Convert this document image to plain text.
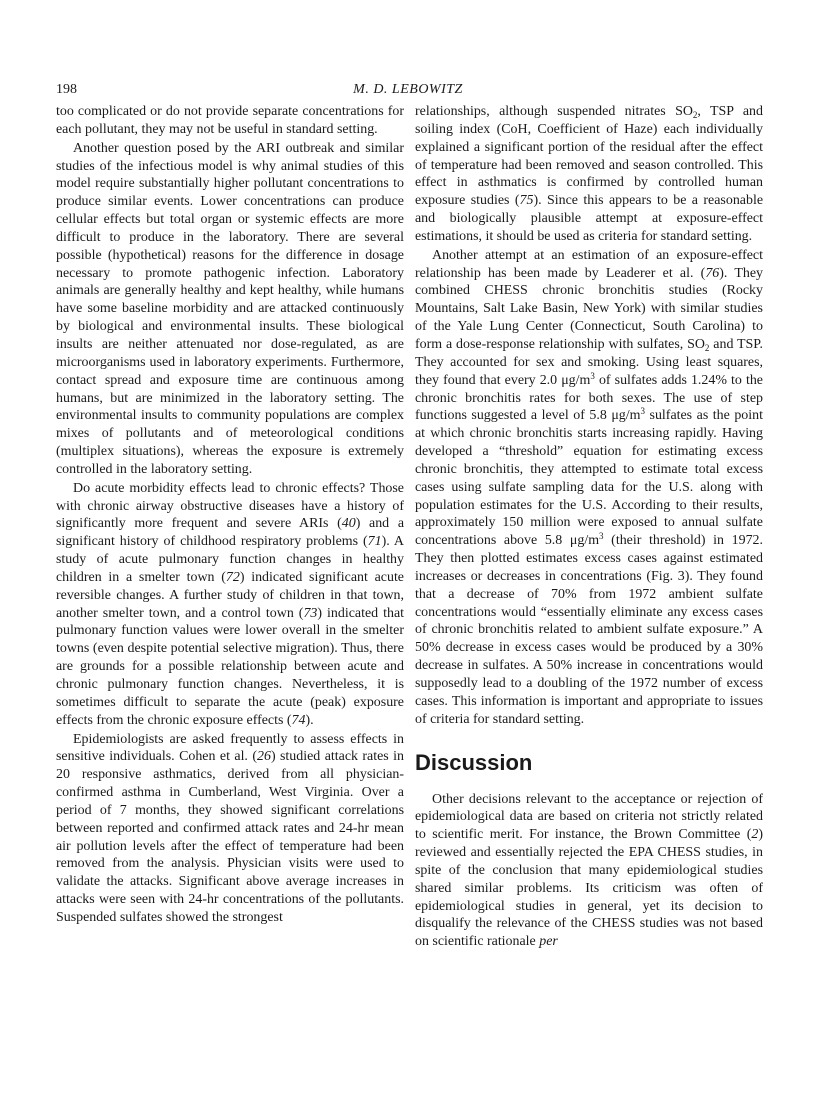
198	M. D. LEBOWITZ

too complicated or do not provide separate concentrations for each pollutant, they may not be useful in standard setting.

Another question posed by the ARI outbreak and similar studies of the infectious model is why animal studies of this model require substantially higher pollutant concentrations to produce similar events. Lower concentrations can produce cellular effects but total organ or systemic effects are more difficult to produce in the laboratory. There are several possible (hypothetical) reasons for the difference in dosage necessary to promote pathogenic infection. Laboratory animals are generally healthy and kept healthy, while humans have some baseline morbidity and are attacked continuously by biological and environmental insults. These biological insults are neither attenuated nor dose-regulated, as are microorganisms used in laboratory experiments. Furthermore, contact spread and exposure time are continuous among humans, but are minimized in the laboratory setting. The environmental insults to community populations are complex mixes of pollutants and of meteorological conditions (multiplex situations), whereas the exposure is extremely controlled in the laboratory setting.

Do acute morbidity effects lead to chronic effects? Those with chronic airway obstructive diseases have a history of significantly more frequent and severe ARIs (40) and a significant history of childhood respiratory problems (71). A study of acute pulmonary function changes in healthy children in a smelter town (72) indicated significant acute reversible changes. A further study of children in that town, another smelter town, and a control town (73) indicated that pulmonary function values were lower overall in the smelter towns (even despite potential selective migration). Thus, there are grounds for a possible relationship between acute and chronic pulmonary function changes. Nevertheless, it is sometimes difficult to separate the acute (peak) exposure effects from the chronic exposure effects (74).

Epidemiologists are asked frequently to assess effects in sensitive individuals. Cohen et al. (26) studied attack rates in 20 responsive asthmatics, derived from all physician-confirmed asthma in Cumberland, West Virginia. Over a period of 7 months, they showed significant correlations between reported and confirmed attack rates and 24-hr mean air pollution levels after the effect of temperature had been removed from the analysis. Physician visits were used to validate the attacks. Significant above average increases in attacks were seen with 24-hr concentrations of the pollutants. Suspended sulfates showed the strongest

relationships, although suspended nitrates $SO_2$, TSP and soiling index (CoH, Coefficient of Haze) each individually explained a significant portion of the residual after the effect of temperature had been removed and season controlled. This effect in asthmatics is confirmed by controlled human exposure studies (75). Since this appears to be a reasonable and biologically plausible attempt at exposure-effect estimations, it should be used as criteria for standard setting.

Another attempt at an estimation of an exposure-effect relationship has been made by Leaderer et al. (76). They combined CHESS chronic bronchitis studies (Rocky Mountains, Salt Lake Basin, New York) with similar studies of the Yale Lung Center (Connecticut, South Carolina) to form a dose-response relationship with sulfates, $SO_2$ and TSP. They accounted for sex and smoking. Using least squares, they found that every 2.0 $\mu g/m^3$ of sulfates adds 1.24% to the chronic bronchitis rates for both sexes. The use of step functions suggested a level of 5.8 $\mu g/m^3$ sulfates as the point at which chronic bronchitis starts increasing rapidly. Having developed a “threshold” equation for estimating excess chronic bronchitis, they attempted to estimate total excess cases using sulfate sampling data for the U.S. along with population estimates for the U.S. According to their results, approximately 150 million were exposed to annual sulfate concentrations above 5.8 $\mu g/m^3$ (their threshold) in 1972. They then plotted estimates excess cases against estimated increases or decreases in concentrations (Fig. 3). They found that a decrease of 70% from 1972 ambient sulfate concentrations would “essentially eliminate any excess cases of chronic bronchitis related to ambient sulfate exposure.” A 50% decrease in excess cases would be produced by a 30% decrease in sulfates. A 50% increase in concentrations would supposedly lead to a doubling of the 1972 number of excess cases. This information is important and appropriate to issues of criteria for standard setting.

Discussion

Other decisions relevant to the acceptance or rejection of epidemiological data are based on criteria not strictly related to scientific merit. For instance, the Brown Committee (2) reviewed and essentially rejected the EPA CHESS studies, in spite of the conclusion that many epidemiological studies shared similar problems. Its criticism was often of epidemiological studies in general, yet its decision to disqualify the relevance of the CHESS studies was not based on scientific rationale per
